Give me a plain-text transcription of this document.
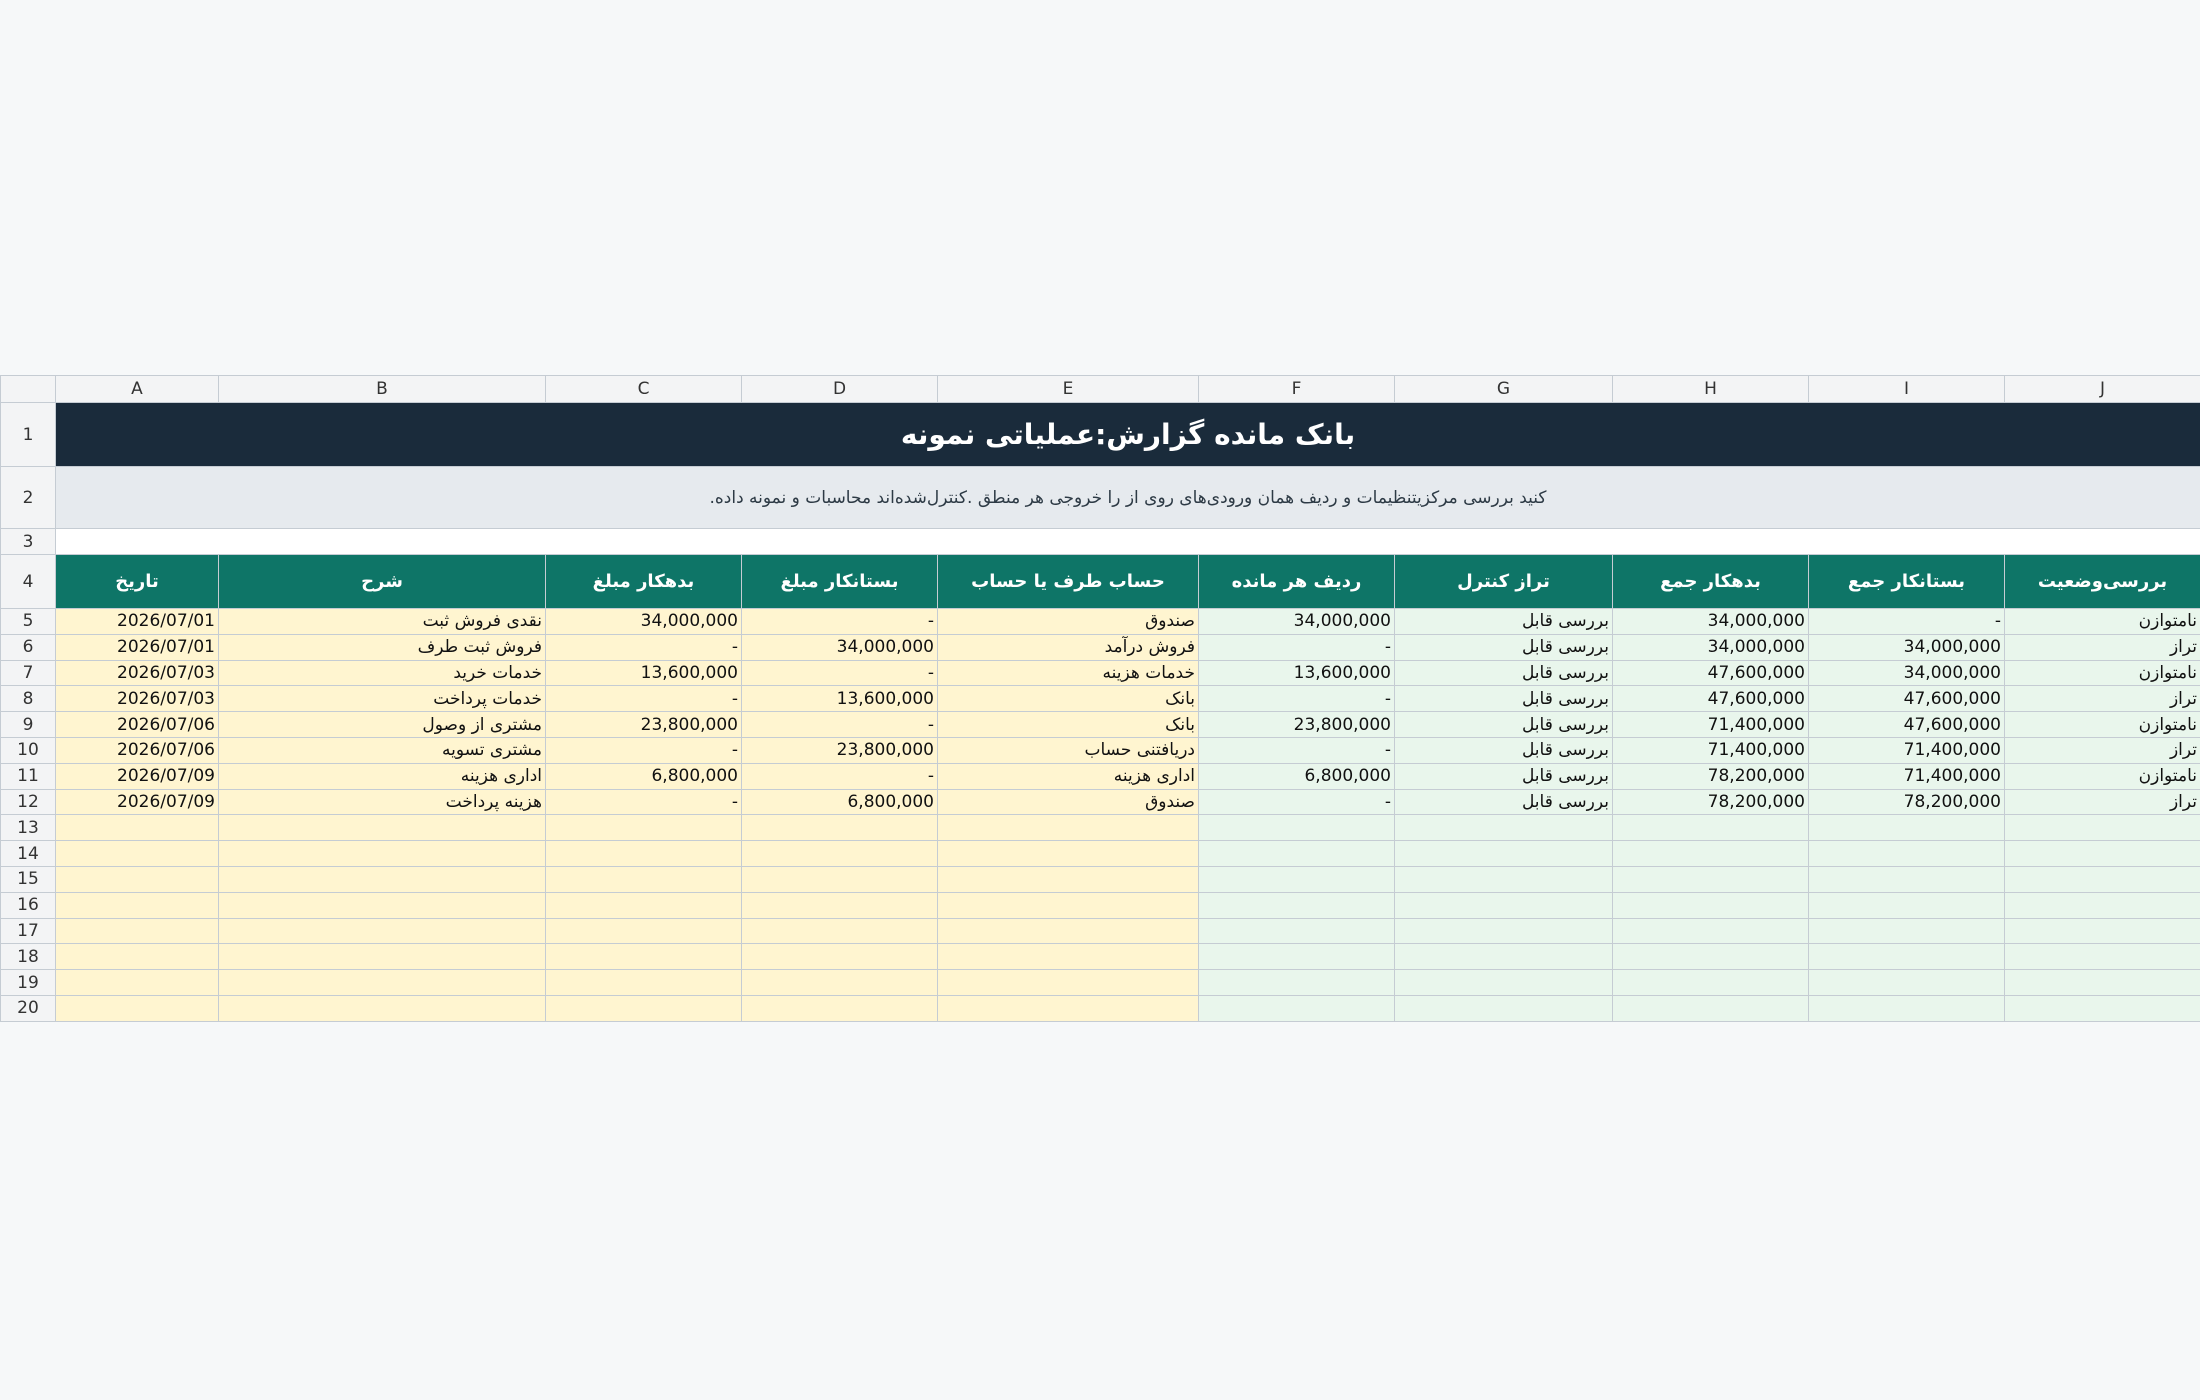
	A	B	C	D	E	F	G	H	I	J
1	بانک مانده گزارش:عملیاتی نمونه									
2	.کنید بررسی مرکزیتنظیمات و ردیف همان ورودی‌های روی از را خروجی هر منطق .کنترل‌شده‌اند محاسبات و نمونه داده									
3										
4	تاریخ	شرح	بدهکار مبلغ	بستانکار مبلغ	حساب طرف یا حساب	ردیف هر مانده	تراز کنترل	بدهکار جمع	بستانکار جمع	بررسی‌وضعیت
5	2026/07/01	نقدی فروش ثبت	34,000,000	-	صندوق	34,000,000	بررسی قابل	34,000,000	-	نامتوازن
6	2026/07/01	فروش ثبت طرف	-	34,000,000	فروش درآمد	-	بررسی قابل	34,000,000	34,000,000	تراز
7	2026/07/03	خدمات خرید	13,600,000	-	خدمات هزینه	13,600,000	بررسی قابل	47,600,000	34,000,000	نامتوازن
8	2026/07/03	خدمات پرداخت	-	13,600,000	بانک	-	بررسی قابل	47,600,000	47,600,000	تراز
9	2026/07/06	مشتری از وصول	23,800,000	-	بانک	23,800,000	بررسی قابل	71,400,000	47,600,000	نامتوازن
10	2026/07/06	مشتری تسویه	-	23,800,000	دریافتنی حساب	-	بررسی قابل	71,400,000	71,400,000	تراز
11	2026/07/09	اداری هزینه	6,800,000	-	اداری هزینه	6,800,000	بررسی قابل	78,200,000	71,400,000	نامتوازن
12	2026/07/09	هزینه پرداخت	-	6,800,000	صندوق	-	بررسی قابل	78,200,000	78,200,000	تراز
13										
14										
15										
16										
17										
18										
19										
20										
